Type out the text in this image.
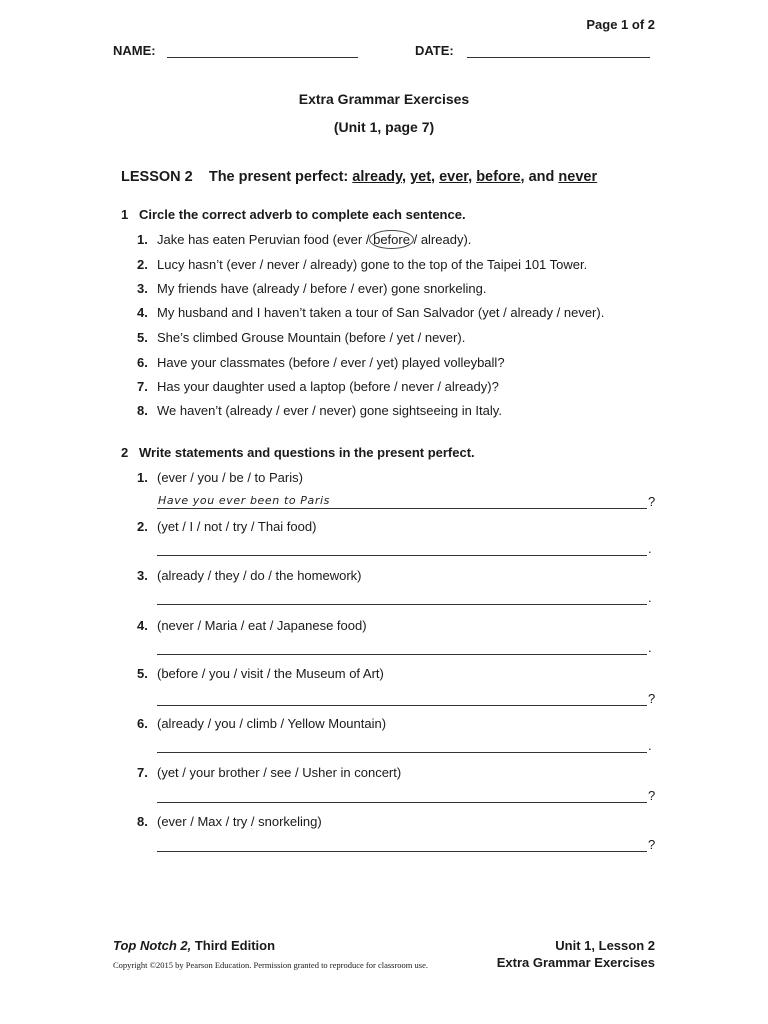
Page 1 of 2
NAME:	DATE:
Extra Grammar Exercises
(Unit 1, page 7)
LESSON 2 The present perfect: already, yet, ever, before, and never
1 Circle the correct adverb to complete each sentence.
1. Jake has eaten Peruvian food (ever / before / already).
2. Lucy hasn’t (ever / never / already) gone to the top of the Taipei 101 Tower.
3. My friends have (already / before / ever) gone snorkeling.
4. My husband and I haven’t taken a tour of San Salvador (yet / already / never).
5. She’s climbed Grouse Mountain (before / yet / never).
6. Have your classmates (before / ever / yet) played volleyball?
7. Has your daughter used a laptop (before / never / already)?
8. We haven’t (already / ever / never) gone sightseeing in Italy.
2 Write statements and questions in the present perfect.
1. (ever / you / be / to Paris)
Have you ever been to Paris	?
2. (yet / I / not / try / Thai food)
.
3. (already / they / do / the homework)
.
4. (never / Maria / eat / Japanese food)
.
5. (before / you / visit / the Museum of Art)
?
6. (already / you / climb / Yellow Mountain)
.
7. (yet / your brother / see / Usher in concert)
?
8. (ever / Max / try / snorkeling)
?
Top Notch 2, Third Edition
Copyright ©2015 by Pearson Education. Permission granted to reproduce for classroom use.
Unit 1, Lesson 2
Extra Grammar Exercises
